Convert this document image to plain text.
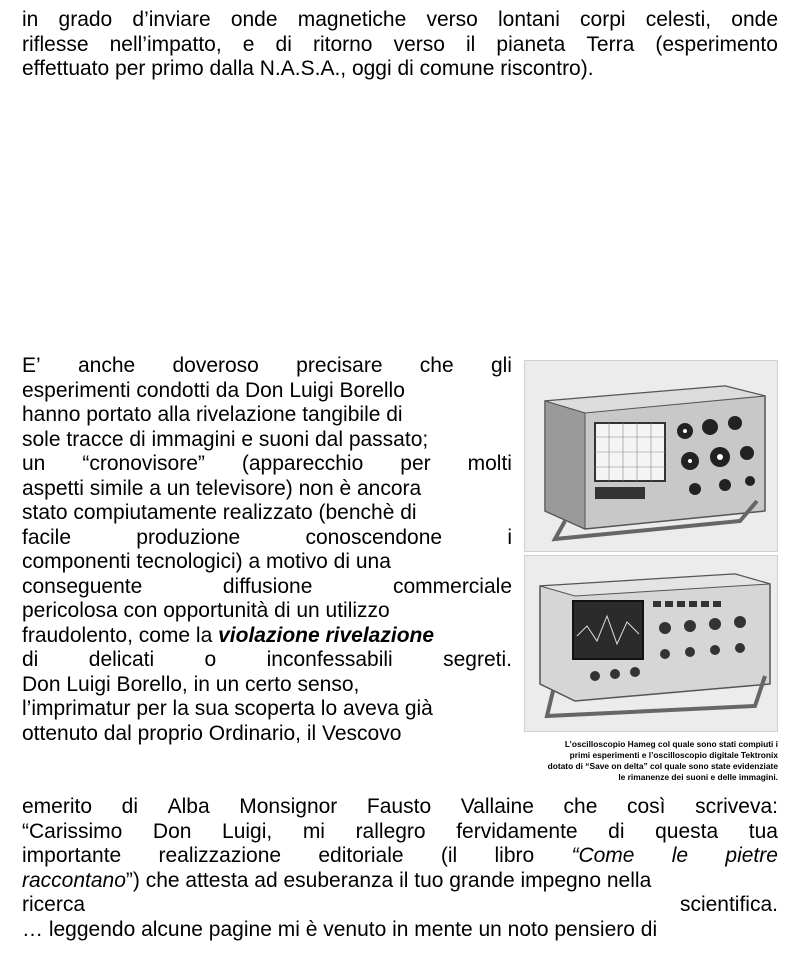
in grado d’inviare onde magnetiche verso lontani corpi celesti, onde
riflesse nell’impatto, e di ritorno verso il pianeta Terra (esperimento
effettuato per primo dalla N.A.S.A., oggi di comune riscontro).
E’ anche doveroso precisare che gli
esperimenti condotti da Don Luigi Borello
hanno portato alla rivelazione tangibile di
sole tracce di immagini e suoni dal passato;
un “cronovisore” (apparecchio per molti
aspetti simile a un televisore) non è ancora
stato compiutamente realizzato (benchè di
facile	produzione	conoscendone	i
componenti tecnologici) a motivo di una
conseguente	diffusione	commerciale
pericolosa con opportunità di un utilizzo
fraudolento, come la violazione rivelazione
di delicati o inconfessabili segreti.
Don Luigi Borello, in un certo senso,
l’imprimatur per la sua scoperta lo aveva già
ottenuto dal proprio Ordinario, il Vescovo	L’oscilloscopio Hameg col quale sono stati compiuti i
primi esperimenti e l’oscilloscopio digitale Tektronix
dotato di “Save on delta” col quale sono state evidenziate
le rimanenze dei suoni e delle immagini.
emerito di Alba Monsignor Fausto Vallaine che così scriveva:
“Carissimo Don Luigi, mi rallegro fervidamente di questa tua
importante realizzazione editoriale (il libro “Come le pietre
raccontano”) che attesta ad esuberanza il tuo grande impegno nella
ricerca	scientifica.
… leggendo alcune pagine mi è venuto in mente un noto pensiero di
